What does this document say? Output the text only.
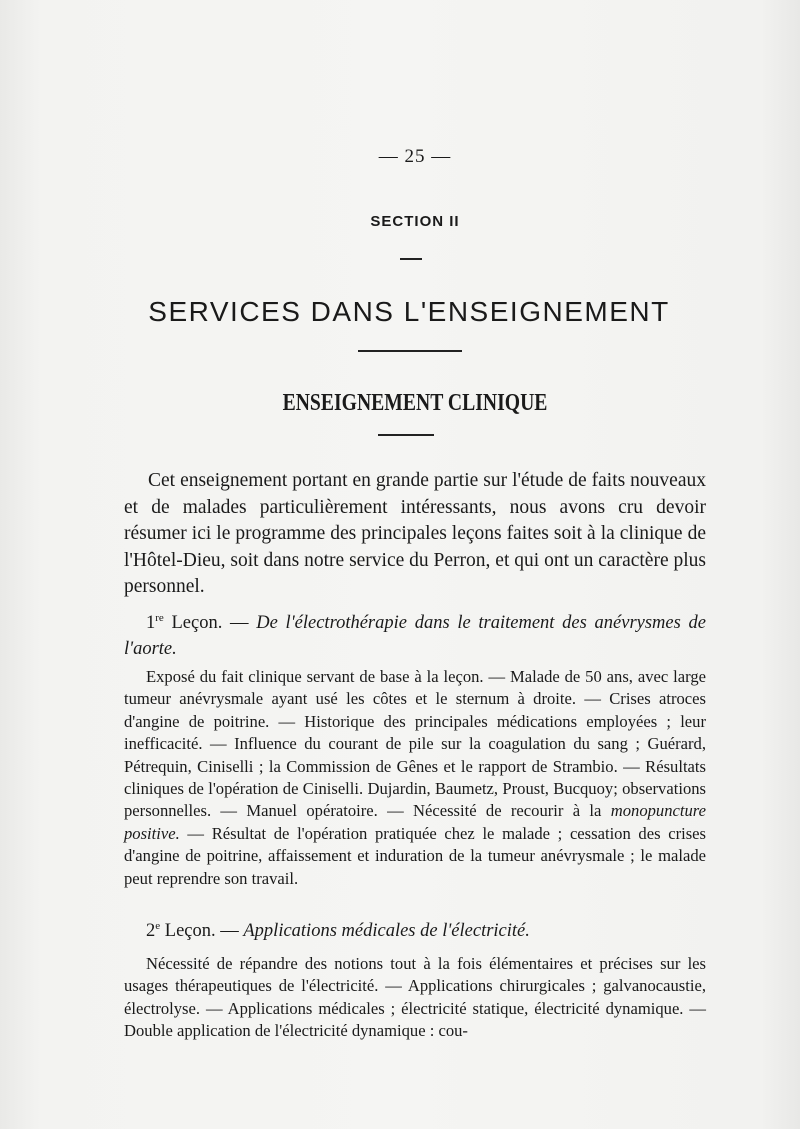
— 25 —
SECTION II
SERVICES DANS L'ENSEIGNEMENT
ENSEIGNEMENT CLINIQUE

Cet enseignement portant en grande partie sur l'étude de faits nouveaux et de malades particulièrement intéressants, nous avons cru devoir résumer ici le programme des principales leçons faites soit à la clinique de l'Hôtel-Dieu, soit dans notre service du Perron, et qui ont un caractère plus personnel.

1re Leçon. — De l'électrothérapie dans le traitement des anévrysmes de l'aorte.

Exposé du fait clinique servant de base à la leçon. — Malade de 50 ans, avec large tumeur anévrysmale ayant usé les côtes et le sternum à droite. — Crises atroces d'angine de poitrine. — Historique des principales médications employées ; leur inefficacité. — Influence du courant de pile sur la coagulation du sang ; Guérard, Pétrequin, Ciniselli ; la Commission de Gênes et le rapport de Strambio. — Résultats cliniques de l'opération de Ciniselli. Dujardin, Baumetz, Proust, Bucquoy; observations personnelles. — Manuel opératoire. — Nécessité de recourir à la monopuncture positive. — Résultat de l'opération pratiquée chez le malade ; cessation des crises d'angine de poitrine, affaissement et induration de la tumeur anévrysmale ; le malade peut reprendre son travail.

2e Leçon. — Applications médicales de l'électricité.

Nécessité de répandre des notions tout à la fois élémentaires et précises sur les usages thérapeutiques de l'électricité. — Applications chirurgicales ; galvanocaustie, électrolyse. — Applications médicales ; électricité statique, électricité dynamique. — Double application de l'électricité dynamique : cou-
